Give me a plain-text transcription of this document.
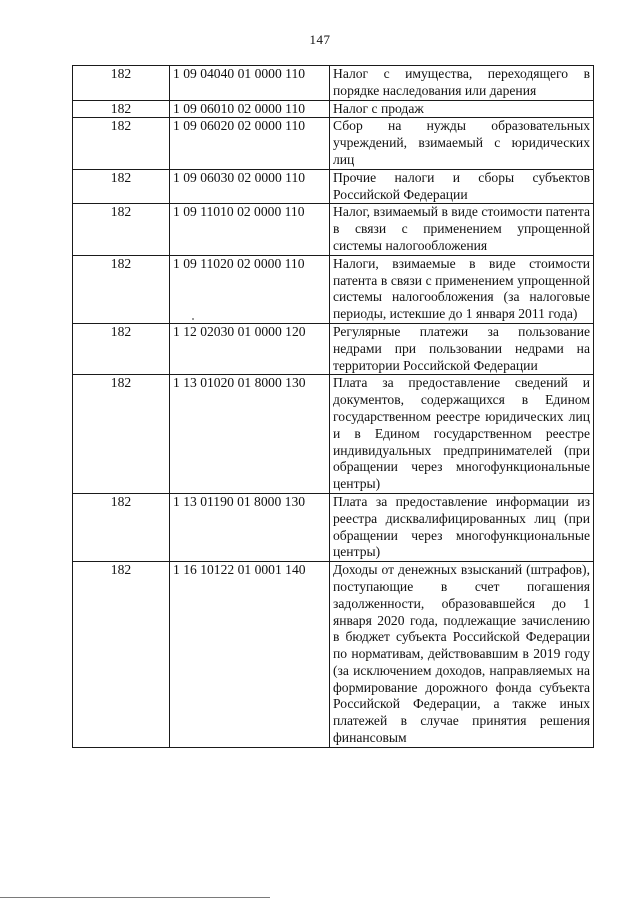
147
182	1 09 04040 01 0000 110	Налог с имущества, переходящего в порядке наследования или дарения
182	1 09 06010 02 0000 110	Налог с продаж
182	1 09 06020 02 0000 110	Сбор на нужды образовательных учреждений, взимаемый с юридических лиц
182	1 09 06030 02 0000 110	Прочие налоги и сборы субъектов Российской Федерации
182	1 09 11010 02 0000 110	Налог, взимаемый в виде стоимости патента в связи с применением упрощенной системы налогообложения
182	1 09 11020 02 0000 110	Налоги, взимаемые в виде стоимости патента в связи с применением упрощенной системы налогообложения (за налоговые периоды, истекшие до 1 января 2011 года)
182	1 12 02030 01 0000 120	Регулярные платежи за пользование недрами при пользовании недрами на территории Российской Федерации
182	1 13 01020 01 8000 130	Плата за предоставление сведений и документов, содержащихся в Едином государственном реестре юридических лиц и в Едином государственном реестре индивидуальных предпринимателей (при обращении через многофункциональные центры)
182	1 13 01190 01 8000 130	Плата за предоставление информации из реестра дисквалифицированных лиц (при обращении через многофункциональные центры)
182	1 16 10122 01 0001 140	Доходы от денежных взысканий (штрафов), поступающие в счет погашения задолженности, образовавшейся до 1 января 2020 года, подлежащие зачислению в бюджет субъекта Российской Федерации по нормативам, действовавшим в 2019 году (за исключением доходов, направляемых на формирование дорожного фонда субъекта Российской Федерации, а также иных платежей в случае принятия решения финансовым
